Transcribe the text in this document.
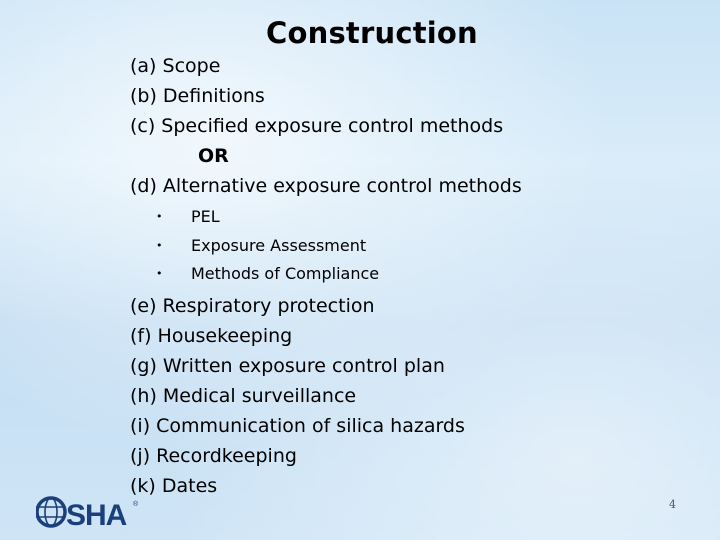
Construction
(a) Scope
(b) Definitions
(c) Specified exposure control methods
OR
(d) Alternative exposure control methods
• PEL
• Exposure Assessment
• Methods of Compliance
(e) Respiratory protection
(f) Housekeeping
(g) Written exposure control plan
(h) Medical surveillance
(i) Communication of silica hazards
(j) Recordkeeping
(k) Dates
SHA ®	4
